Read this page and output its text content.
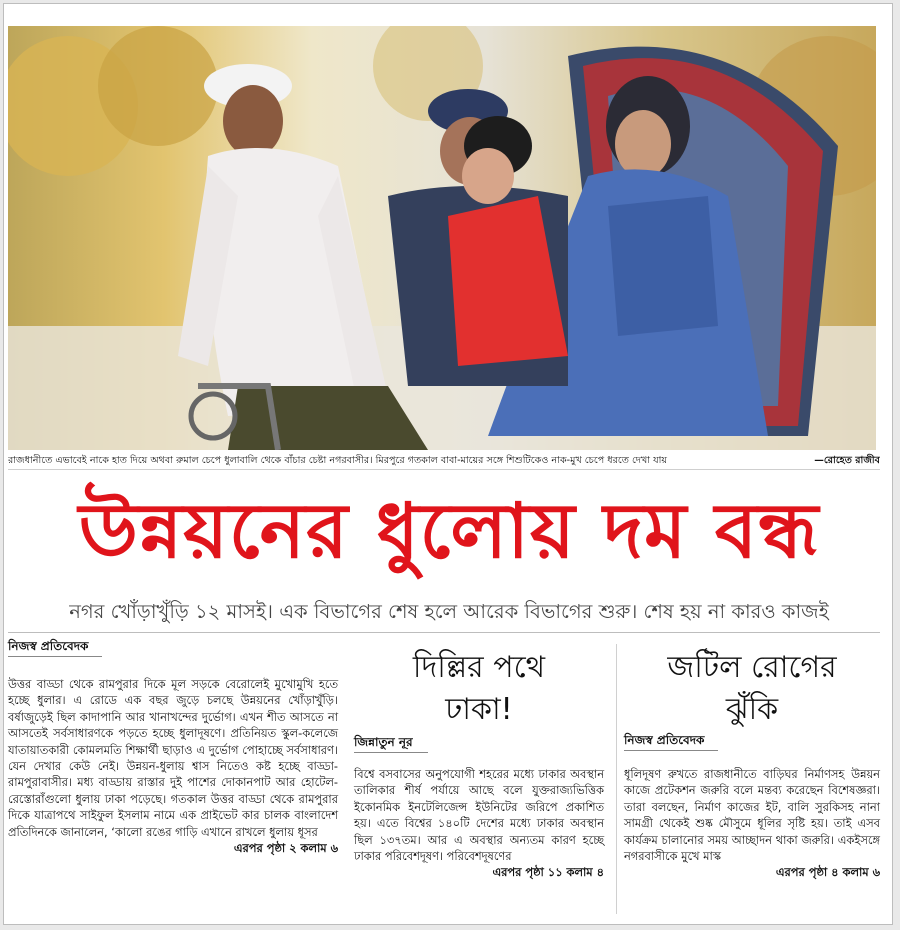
রাজধানীতে এভাবেই নাকে হাত দিয়ে অথবা রুমাল চেপে ধুলাবালি থেকে বাঁচার চেষ্টা নগরবাসীর। মিরপুরে গতকাল বাবা-মায়ের সঙ্গে শিশুটিকেও নাক-মুখ চেপে ধরতে দেখা যায়	—রোহেত রাজীব
উন্নয়নের ধুলোয় দম বন্ধ
নগর খোঁড়াখুঁড়ি ১২ মাসই। এক বিভাগের শেষ হলে আরেক বিভাগের শুরু। শেষ হয় না কারও কাজই
নিজস্ব প্রতিবেদক
উত্তর বাড্ডা থেকে রামপুরার দিকে মূল সড়কে বেরোলেই মুখোমুখি হতে হচ্ছে ধুলার। এ রোডে এক বছর জুড়ে চলছে উন্নয়নের খোঁড়াখুঁড়ি। বর্ষাজুড়েই ছিল কাদাপানি আর খানাখন্দের দুর্ভোগ। এখন শীত আসতে না আসতেই সর্বসাধারণকে পড়তে হচ্ছে ধুলাদূষণে। প্রতিনিয়ত স্কুল-কলেজে যাতায়াতকারী কোমলমতি শিক্ষার্থী ছাড়াও এ দুর্ভোগ পোহাচ্ছে সর্বসাধারণ। যেন দেখার কেউ নেই। উন্নয়ন-ধুলায় শ্বাস নিতেও কষ্ট হচ্ছে বাড্ডা-রামপুরাবাসীর। মধ্য বাড্ডায় রাস্তার দুই পাশের দোকানপাট আর হোটেল-রেস্তোরাঁগুলো ধুলায় ঢাকা পড়েছে। গতকাল উত্তর বাড্ডা থেকে রামপুরার দিকে যাত্রাপথে সাইফুল ইসলাম নামে এক প্রাইভেট কার চালক বাংলাদেশ প্রতিদিনকে জানালেন, ‘কালো রঙের গাড়ি এখানে রাখলে ধুলায় ধূসর
এরপর পৃষ্ঠা ২ কলাম ৬
দিল্লির পথে
ঢাকা!
জিন্নাতুন নূর
বিশ্বে বসবাসের অনুপযোগী শহরের মধ্যে ঢাকার অবস্থান তালিকার শীর্ষ পর্যায়ে আছে বলে যুক্তরাজ্যভিত্তিক ইকোনমিক ইনটেলিজেন্স ইউনিটের জরিপে প্রকাশিত হয়। এতে বিশ্বের ১৪০টি দেশের মধ্যে ঢাকার অবস্থান ছিল ১৩৭তম। আর এ অবস্থার অন্যতম কারণ হচ্ছে ঢাকার পরিবেশদূষণ। পরিবেশদূষণের
এরপর পৃষ্ঠা ১১ কলাম ৪
জটিল রোগের
ঝুঁকি
নিজস্ব প্রতিবেদক
ধূলিদূষণ রুখতে রাজধানীতে বাড়িঘর নির্মাণসহ উন্নয়ন কাজে প্রটেকশন জরুরি বলে মন্তব্য করেছেন বিশেষজ্ঞরা। তারা বলছেন, নির্মাণ কাজের ইট, বালি সুরকিসহ নানা সামগ্রী থেকেই শুষ্ক মৌসুমে ধূলির সৃষ্টি হয়। তাই এসব কার্যক্রম চালানোর সময় আচ্ছাদন থাকা জরুরি। একইসঙ্গে নগরবাসীকে মুখে মাস্ক
এরপর পৃষ্ঠা ৪ কলাম ৬
